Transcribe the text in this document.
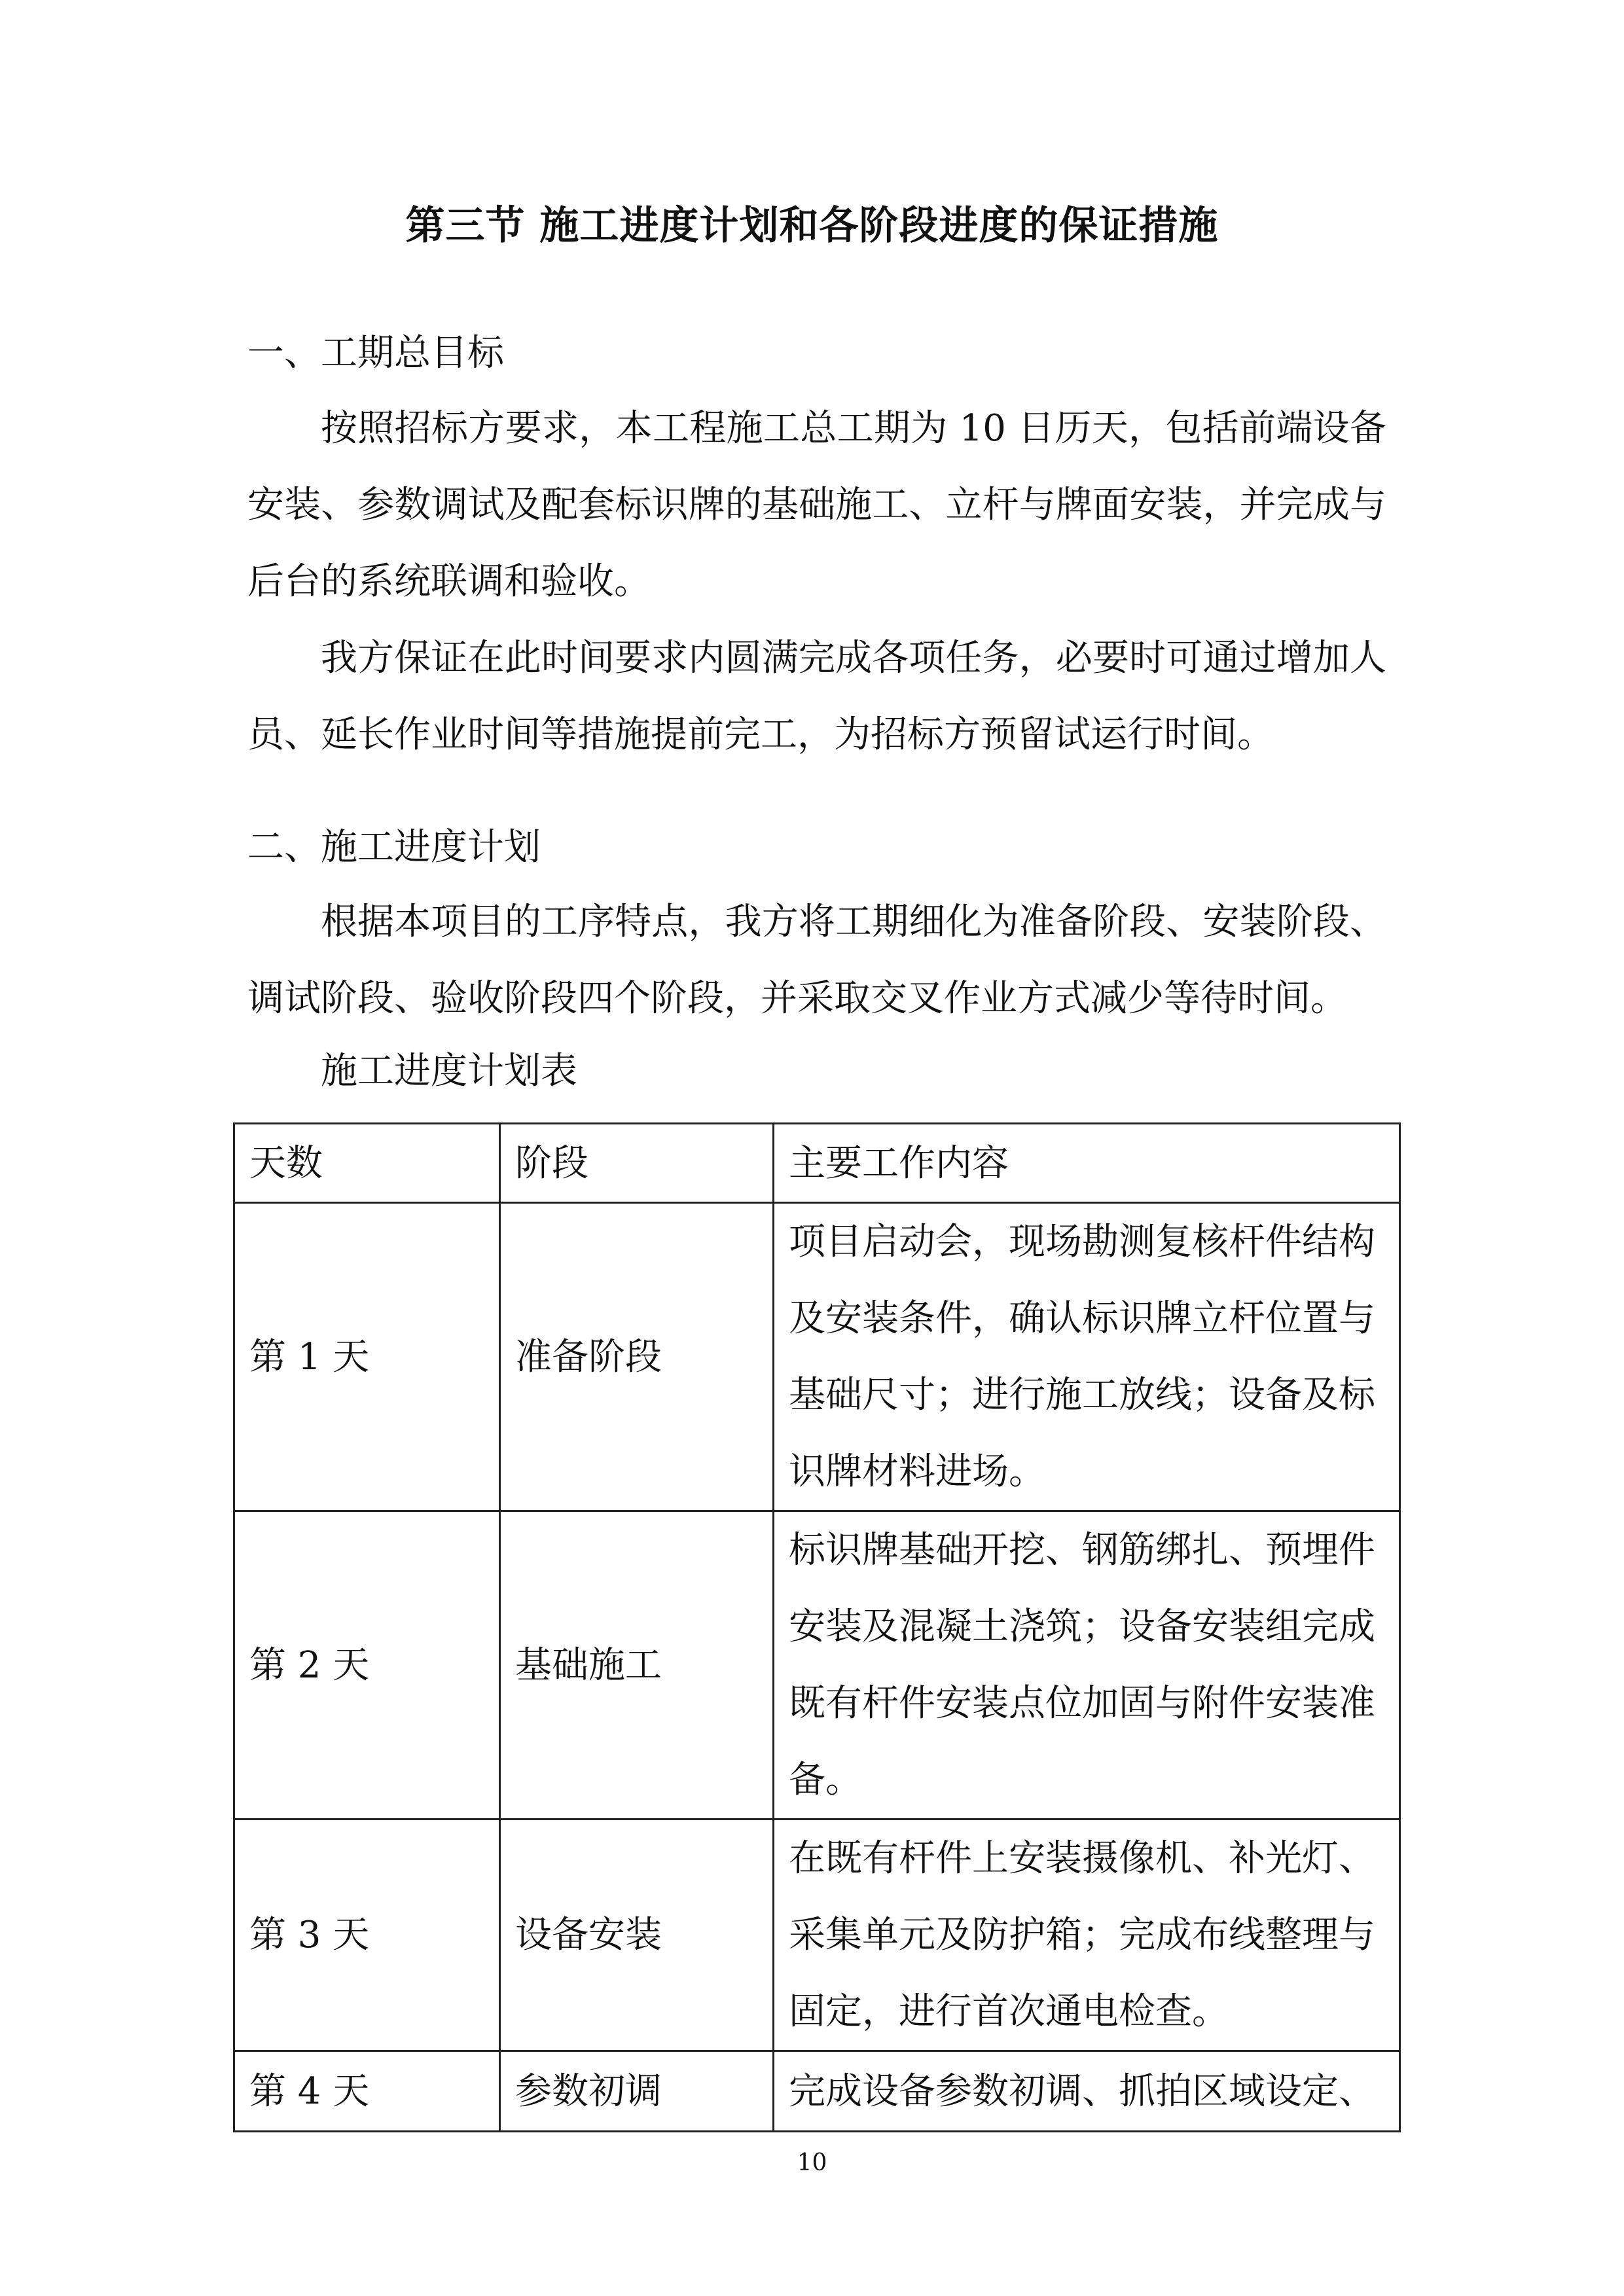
第三节 施工进度计划和各阶段进度的保证措施
一、工期总目标

按照招标方要求，本工程施工总工期为 10 日历天，包括前端设备安装、参数调试及配套标识牌的基础施工、立杆与牌面安装，并完成与后台的系统联调和验收。

我方保证在此时间要求内圆满完成各项任务，必要时可通过增加人员、延长作业时间等措施提前完工，为招标方预留试运行时间。

二、施工进度计划

根据本项目的工序特点，我方将工期细化为准备阶段、安装阶段、调试阶段、验收阶段四个阶段，并采取交叉作业方式减少等待时间。

施工进度计划表
天数	阶段	主要工作内容
第 1 天	准备阶段	项目启动会，现场勘测复核杆件结构及安装条件，确认标识牌立杆位置与基础尺寸；进行施工放线；设备及标识牌材料进场。
第 2 天	基础施工	标识牌基础开挖、钢筋绑扎、预埋件安装及混凝土浇筑；设备安装组完成既有杆件安装点位加固与附件安装准备。
第 3 天	设备安装	在既有杆件上安装摄像机、补光灯、采集单元及防护箱；完成布线整理与固定，进行首次通电检查。
第 4 天	参数初调	完成设备参数初调、抓拍区域设定、
10
